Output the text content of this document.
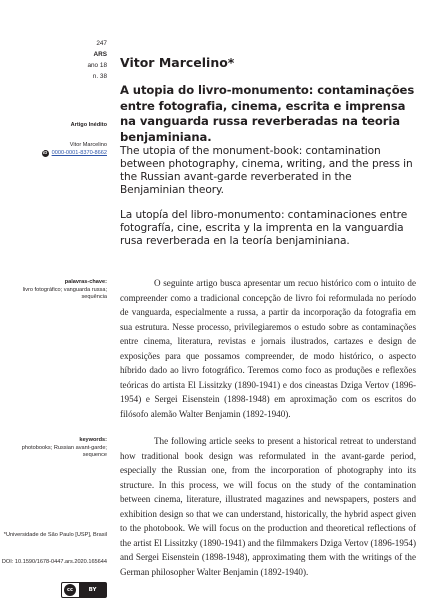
247
ARS
ano 18
n. 38
Artigo Inédito
Vitor Marcelino
iD 0000-0001-8370-8662
palavras-chave:
livro fotográfico; vanguarda russa; sequência
keywords:
photobooks; Russian avant-garde; sequence
*Universidade de São Paulo [USP], Brasil
DOI: 10.1590/1678-0447.ars.2020.165644
cc	BY
Vitor Marcelino*
A utopia do livro-monumento: contaminações entre fotografia, cinema, escrita e imprensa na vanguarda russa reverberadas na teoria benjaminiana.
The utopia of the monument-book: contamination between photography, cinema, writing, and the press in the Russian avant-garde reverberated in the Benjaminian theory.
La utopía del libro-monumento: contaminaciones entre fotografía, cine, escrita y la imprenta en la vanguardia rusa reverberada en la teoría benjaminiana.

O seguinte artigo busca apresentar um recuo histórico com o intuito de compreender como a tradicional concepção de livro foi reformulada no período de vanguarda, especialmente a russa, a partir da incorporação da fotografia em sua estrutura. Nesse processo, privilegiaremos o estudo sobre as contaminações entre cinema, literatura, revistas e jornais ilustrados, cartazes e design de exposições para que possamos compreender, de modo histórico, o aspecto híbrido dado ao livro fotográfico. Teremos como foco as produções e reflexões teóricas do artista El Lissitzky (1890-1941) e dos cineastas Dziga Vertov (1896-1954) e Sergei Eisenstein (1898-1948) em aproximação com os escritos do filósofo alemão Walter Benjamin (1892-1940).

The following article seeks to present a historical retreat to understand how traditional book design was reformulated in the avant-garde period, especially the Russian one, from the incorporation of photography into its structure. In this process, we will focus on the study of the contamination between cinema, literature, illustrated magazines and newspapers, posters and exhibition design so that we can understand, historically, the hybrid aspect given to the photobook. We will focus on the production and theoretical reflections of the artist El Lissitzky (1890-1941) and the filmmakers Dziga Vertov (1896-1954) and Sergei Eisenstein (1898-1948), approximating them with the writings of the German philosopher Walter Benjamin (1892-1940).
